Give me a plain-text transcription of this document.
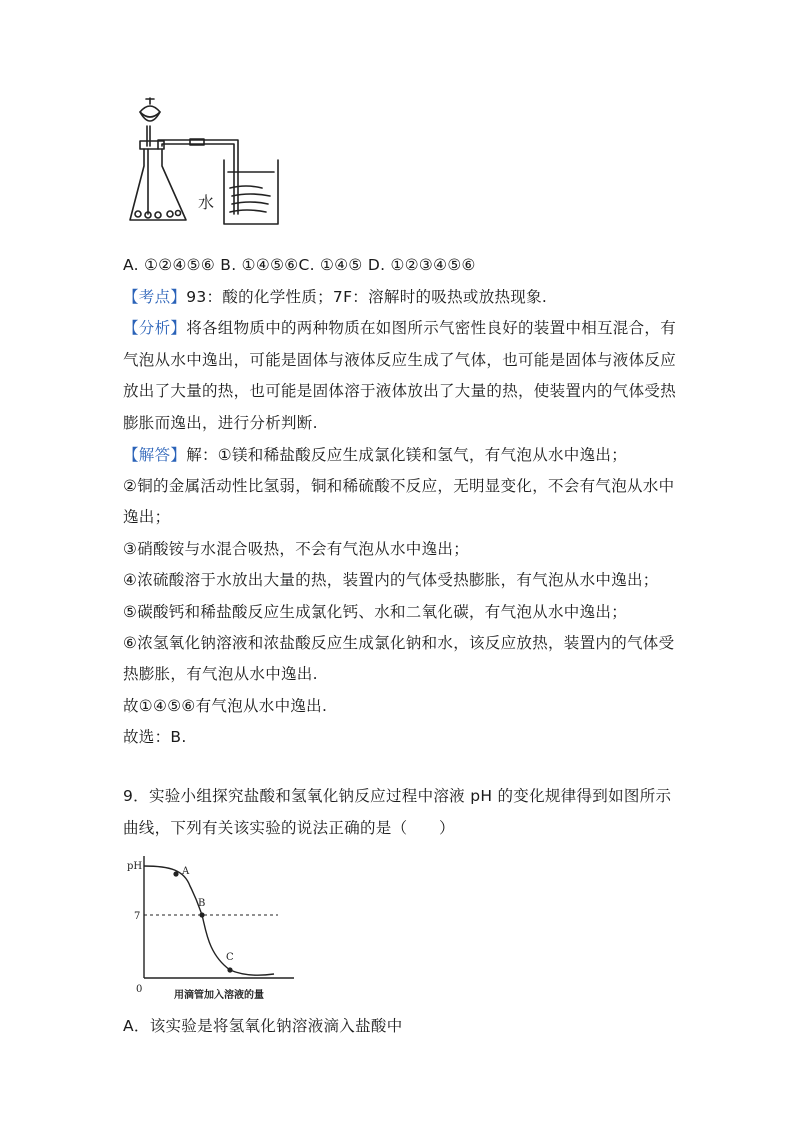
水
A. ①②④⑤⑥ B. ①④⑤⑥C. ①④⑤ D. ①②③④⑤⑥
【考点】93：酸的化学性质；7F：溶解时的吸热或放热现象.
【分析】将各组物质中的两种物质在如图所示气密性良好的装置中相互混合，有
气泡从水中逸出，可能是固体与液体反应生成了气体，也可能是固体与液体反应
放出了大量的热，也可能是固体溶于液体放出了大量的热，使装置内的气体受热
膨胀而逸出，进行分析判断.
【解答】解：①镁和稀盐酸反应生成氯化镁和氢气，有气泡从水中逸出；
②铜的金属活动性比氢弱，铜和稀硫酸不反应，无明显变化，不会有气泡从水中
逸出；
③硝酸铵与水混合吸热，不会有气泡从水中逸出；
④浓硫酸溶于水放出大量的热，装置内的气体受热膨胀，有气泡从水中逸出；
⑤碳酸钙和稀盐酸反应生成氯化钙、水和二氧化碳，有气泡从水中逸出；
⑥浓氢氧化钠溶液和浓盐酸反应生成氯化钠和水，该反应放热，装置内的气体受
热膨胀，有气泡从水中逸出.
故①④⑤⑥有气泡从水中逸出.
故选：B.
9．实验小组探究盐酸和氢氧化钠反应过程中溶液 pH 的变化规律得到如图所示
曲线，下列有关该实验的说法正确的是（　　）
pH
7
0
A
B
C
用滴管加入溶液的量
A．该实验是将氢氧化钠溶液滴入盐酸中
